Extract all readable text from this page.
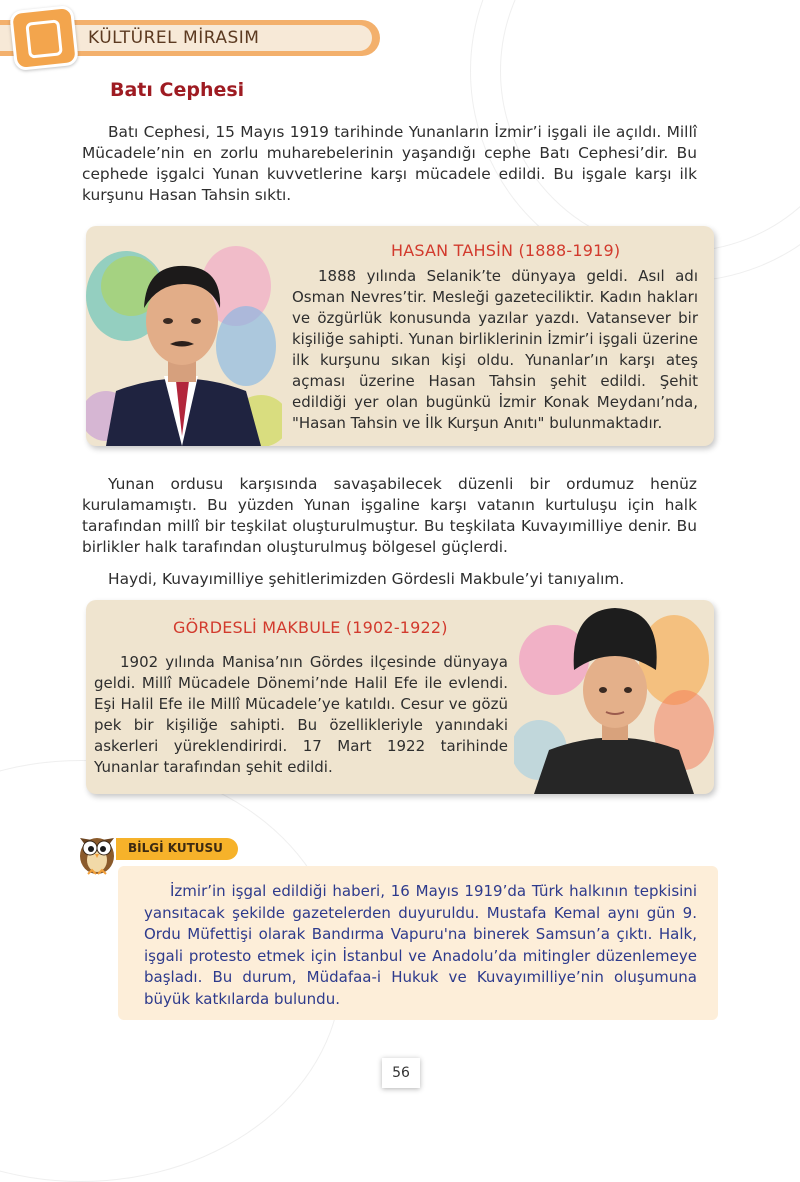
KÜLTÜREL MİRASIM
Batı Cephesi

Batı Cephesi, 15 Mayıs 1919 tarihinde Yunanların İzmir’i işgali ile açıldı. Millî Mücadele’nin en zorlu muharebelerinin yaşandığı cephe Batı Cephesi’dir. Bu cephede işgalci Yunan kuvvetlerine karşı mücadele edildi. Bu işgale karşı ilk kurşunu Hasan Tahsin sıktı.

HASAN TAHSİN (1888-1919)

1888 yılında Selanik’te dünyaya geldi. Asıl adı Osman Nevres’tir. Mesleği gazeteciliktir. Kadın hakları ve özgürlük konusunda yazılar yazdı. Vatansever bir kişiliğe sahipti. Yunan birliklerinin İzmir’i işgali üzerine ilk kurşunu sıkan kişi oldu. Yunanlar’ın karşı ateş açması üzerine Hasan Tahsin şehit edildi. Şehit edildiği yer olan bugünkü İzmir Konak Meydanı’nda, "Hasan Tahsin ve İlk Kurşun Anıtı" bulunmaktadır.

Yunan ordusu karşısında savaşabilecek düzenli bir ordumuz henüz kurulamamıştı. Bu yüzden Yunan işgaline karşı vatanın kurtuluşu için halk tarafından millî bir teşkilat oluşturulmuştur. Bu teşkilata Kuvayımilliye denir. Bu birlikler halk tarafından oluşturulmuş bölgesel güçlerdi.

Haydi, Kuvayımilliye şehitlerimizden Gördesli Makbule’yi tanıyalım.

GÖRDESLİ MAKBULE (1902-1922)

1902 yılında Manisa’nın Gördes ilçesinde dünyaya geldi. Millî Mücadele Dönemi’nde Halil Efe ile evlendi. Eşi Halil Efe ile Millî Mücadele’ye katıldı. Cesur ve gözü pek bir kişiliğe sahipti. Bu özellikleriyle yanındaki askerleri yüreklendirirdi. 17 Mart 1922 tarihinde Yunanlar tarafından şehit edildi.

BİLGİ KUTUSU

İzmir’in işgal edildiği haberi, 16 Mayıs 1919’da Türk halkının tepkisini yansıtacak şekilde gazetelerden duyuruldu. Mustafa Kemal aynı gün 9. Ordu Müfettişi olarak Bandırma Vapuru'na binerek Samsun’a çıktı. Halk, işgali protesto etmek için İstanbul ve Anadolu’da mitingler düzenlemeye başladı. Bu durum, Müdafaa-i Hukuk ve Kuvayımilliye’nin oluşumuna büyük katkılarda bulundu.

56
